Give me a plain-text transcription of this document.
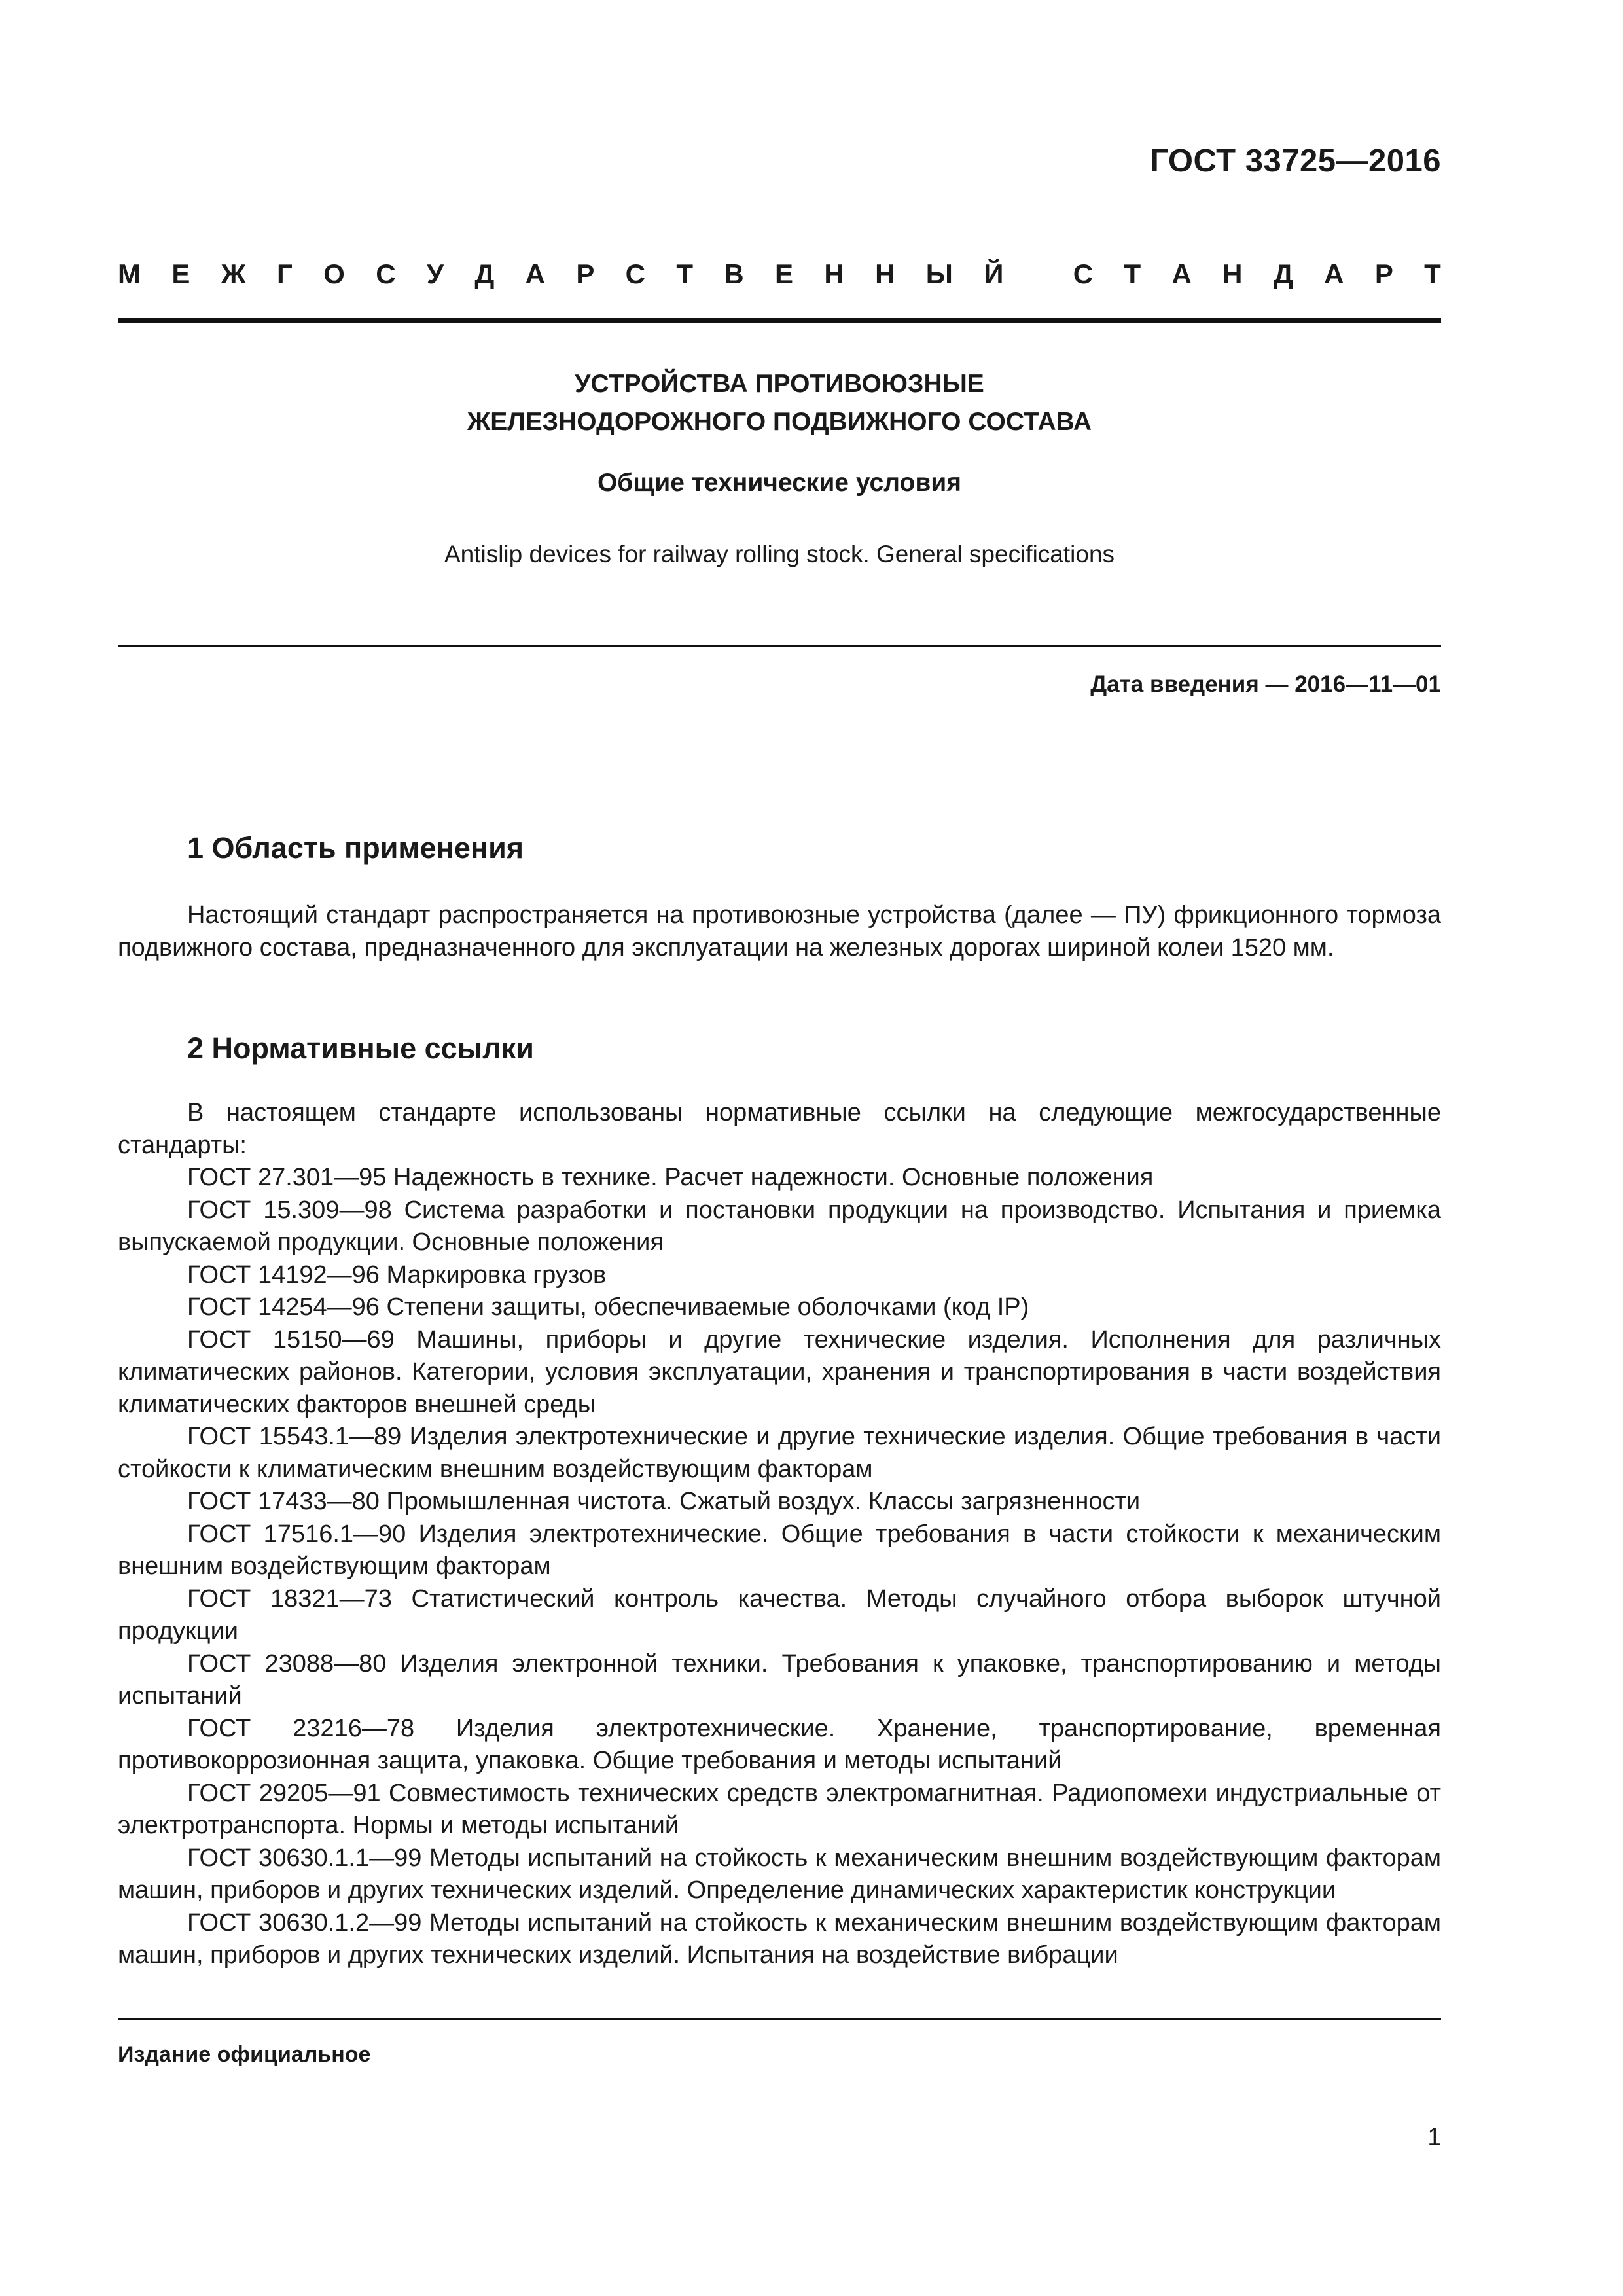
ГОСТ 33725—2016
М Е Ж Г О С У Д А Р С Т В Е Н Н Ы Й
	С Т А Н Д А Р Т
УСТРОЙСТВА ПРОТИВОЮЗНЫЕ
ЖЕЛЕЗНОДОРОЖНОГО ПОДВИЖНОГО СОСТАВА
Общие технические условия
Antislip devices for railway rolling stock. General specifications
Дата введения — 2016—11—01
1 Область применения

Настоящий стандарт распространяется на противоюзные устройства (далее — ПУ) фрикционного тормоза подвижного состава, предназначенного для эксплуатации на железных дорогах шириной колеи 1520 мм.

2 Нормативные ссылки

В настоящем стандарте использованы нормативные ссылки на следующие межгосударственные стандарты:

ГОСТ 27.301—95 Надежность в технике. Расчет надежности. Основные положения

ГОСТ 15.309—98 Система разработки и постановки продукции на производство. Испытания и приемка выпускаемой продукции. Основные положения

ГОСТ 14192—96 Маркировка грузов

ГОСТ 14254—96 Степени защиты, обеспечиваемые оболочками (код IP)

ГОСТ 15150—69 Машины, приборы и другие технические изделия. Исполнения для различных климатических районов. Категории, условия эксплуатации, хранения и транспортирования в части воздействия климатических факторов внешней среды

ГОСТ 15543.1—89 Изделия электротехнические и другие технические изделия. Общие требования в части стойкости к климатическим внешним воздействующим факторам

ГОСТ 17433—80 Промышленная чистота. Сжатый воздух. Классы загрязненности

ГОСТ 17516.1—90 Изделия электротехнические. Общие требования в части стойкости к механическим внешним воздействующим факторам

ГОСТ 18321—73 Статистический контроль качества. Методы случайного отбора выборок штучной продукции

ГОСТ 23088—80 Изделия электронной техники. Требования к упаковке, транспортированию и методы испытаний

ГОСТ 23216—78 Изделия электротехнические. Хранение, транспортирование, временная противокоррозионная защита, упаковка. Общие требования и методы испытаний

ГОСТ 29205—91 Совместимость технических средств электромагнитная. Радиопомехи индустриальные от электротранспорта. Нормы и методы испытаний

ГОСТ 30630.1.1—99 Методы испытаний на стойкость к механическим внешним воздействующим факторам машин, приборов и других технических изделий. Определение динамических характеристик конструкции

ГОСТ 30630.1.2—99 Методы испытаний на стойкость к механическим внешним воздействующим факторам машин, приборов и других технических изделий. Испытания на воздействие вибрации

Издание официальное
1
